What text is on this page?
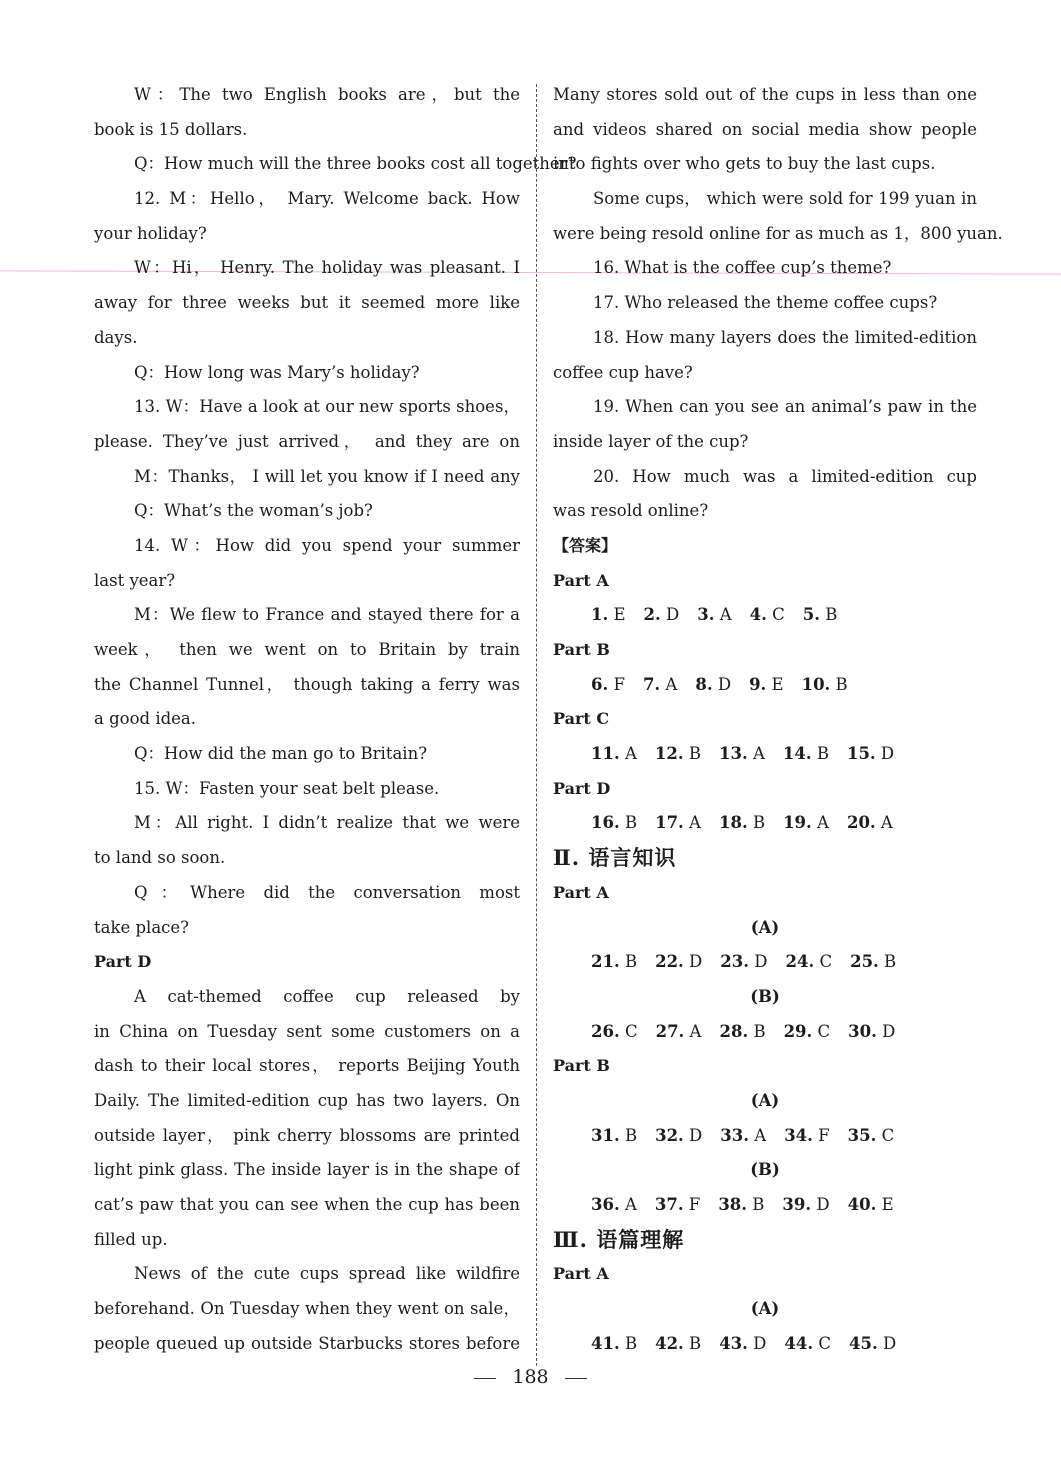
W：The two English books are，but the
book is 15 dollars.
Q：How much will the three books cost all together?
12. M：Hello， Mary. Welcome back. How
your holiday?
W：Hi， Henry. The holiday was pleasant. I
away for three weeks but it seemed more like
days.
Q：How long was Mary’s holiday?
13. W：Have a look at our new sports shoes，
please. They’ve just arrived， and they are on
M：Thanks， I will let you know if I need any
Q：What’s the woman’s job?
14. W：How did you spend your summer
last year?
M：We flew to France and stayed there for a
week， then we went on to Britain by train
the Channel Tunnel， though taking a ferry was
a good idea.
Q：How did the man go to Britain?
15. W：Fasten your seat belt please.
M：All right. I didn’t realize that we were
to land so soon.
Q：Where did the conversation most
take place?
Part D
A cat-themed coffee cup released by
in China on Tuesday sent some customers on a
dash to their local stores， reports Beijing Youth
Daily. The limited-edition cup has two layers. On
outside layer， pink cherry blossoms are printed
light pink glass. The inside layer is in the shape of
cat’s paw that you can see when the cup has been
filled up.
News of the cute cups spread like wildfire
beforehand. On Tuesday when they went on sale，
people queued up outside Starbucks stores before
Many stores sold out of the cups in less than one
and videos shared on social media show people
into fights over who gets to buy the last cups.
Some cups， which were sold for 199 yuan in
were being resold online for as much as 1，800 yuan.
16. What is the coffee cup’s theme?
17. Who released the theme coffee cups?
18. How many layers does the limited-edition
coffee cup have?
19. When can you see an animal’s paw in the
inside layer of the cup?
20. How much was a limited-edition cup
was resold online?
【答案】
Part A
1. E 2. D 3. A 4. C 5. B
Part B
6. F 7. A 8. D 9. E 10. B
Part C
11. A 12. B 13. A 14. B 15. D
Part D
16. B 17. A 18. B 19. A 20. A
Ⅱ. 语言知识
Part A
(A)
21. B 22. D 23. D 24. C 25. B
(B)
26. C 27. A 28. B 29. C 30. D
Part B
(A)
31. B 32. D 33. A 34. F 35. C
(B)
36. A 37. F 38. B 39. D 40. E
Ⅲ. 语篇理解
Part A
(A)
41. B 42. B 43. D 44. C 45. D
188
